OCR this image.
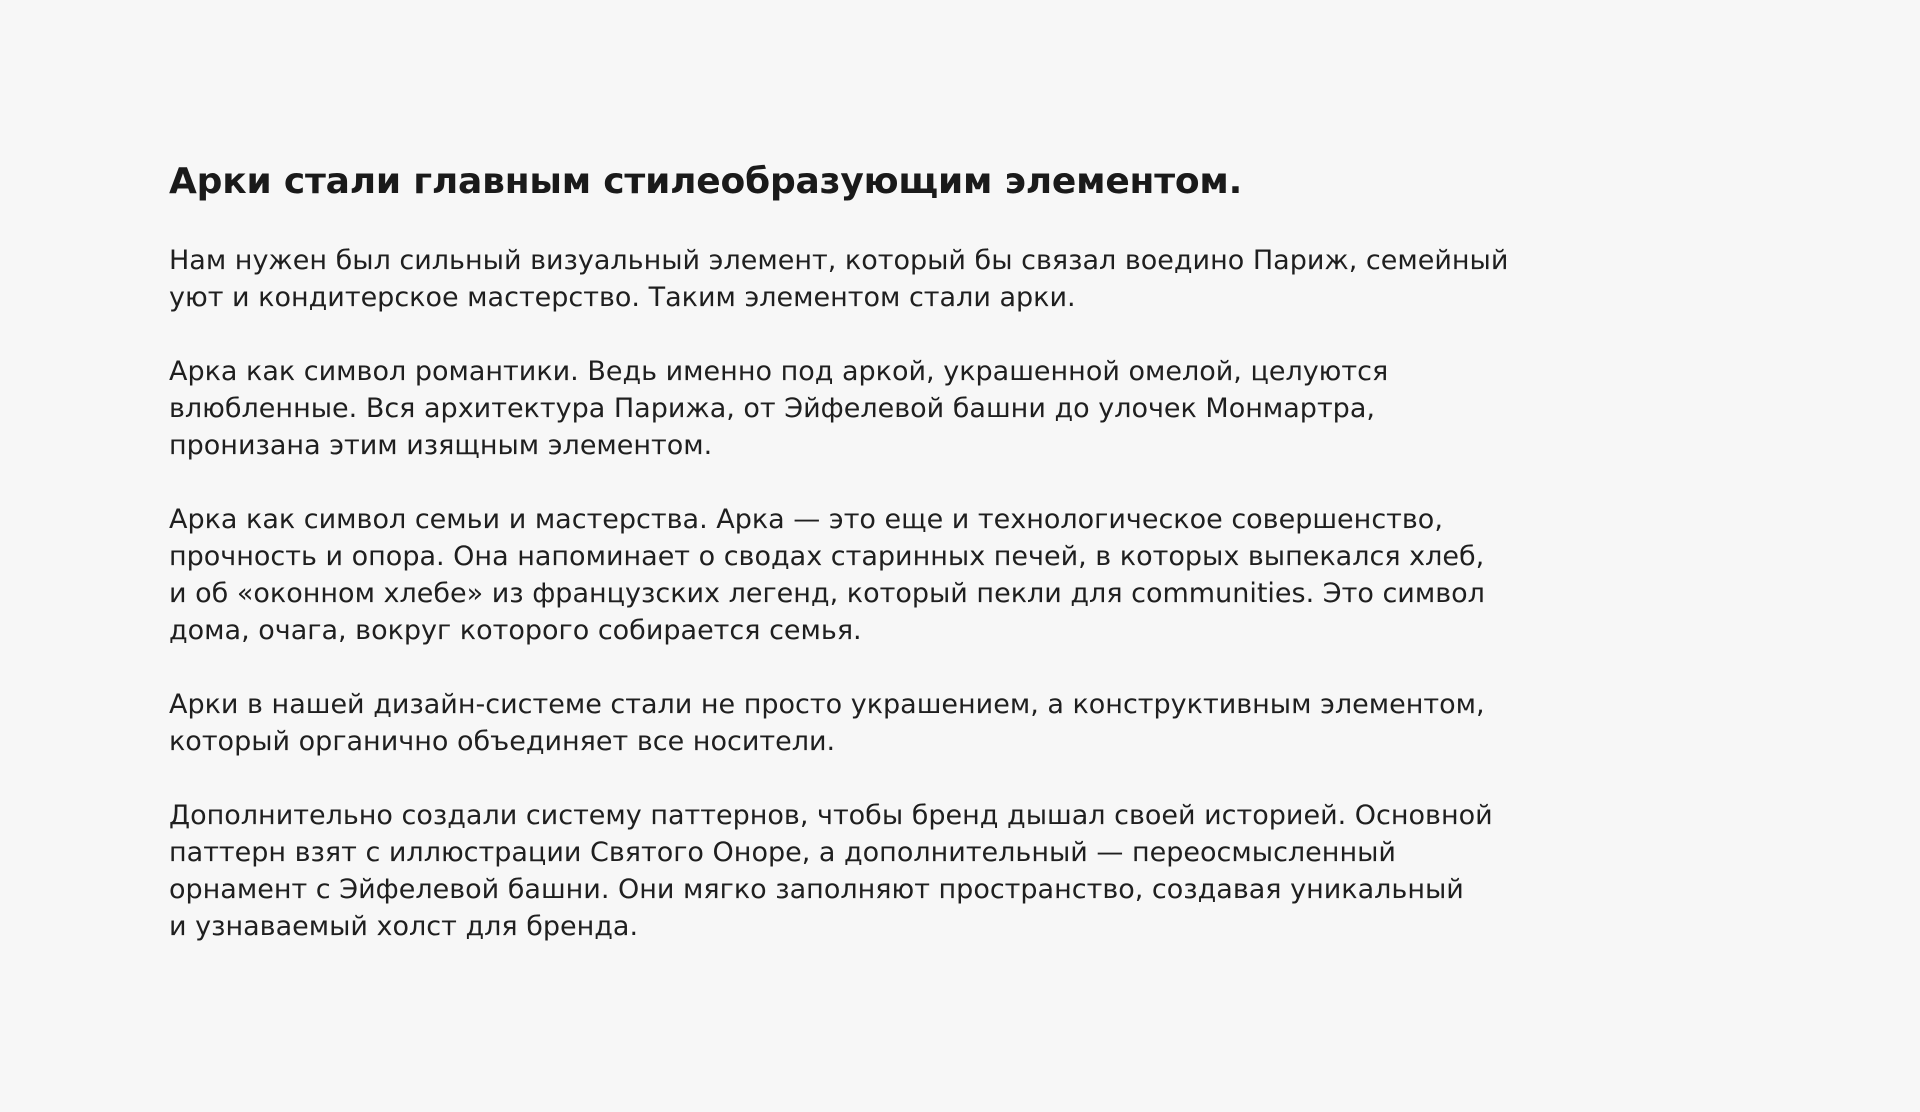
Арки стали главным стилеобразующим элементом.

Нам нужен был сильный визуальный элемент, который бы связал воедино Париж, семейный
уют и кондитерское мастерство. Таким элементом стали арки.

Арка как символ романтики. Ведь именно под аркой, украшенной омелой, целуются
влюбленные. Вся архитектура Парижа, от Эйфелевой башни до улочек Монмартра,
пронизана этим изящным элементом.

Арка как символ семьи и мастерства. Арка — это еще и технологическое совершенство,
прочность и опора. Она напоминает о сводах старинных печей, в которых выпекался хлеб,
и об «оконном хлебе» из французских легенд, который пекли для communities. Это символ
дома, очага, вокруг которого собирается семья.

Арки в нашей дизайн-системе стали не просто украшением, а конструктивным элементом,
который органично объединяет все носители.

Дополнительно создали систему паттернов, чтобы бренд дышал своей историей. Основной
паттерн взят с иллюстрации Святого Оноре, а дополнительный — переосмысленный
орнамент с Эйфелевой башни. Они мягко заполняют пространство, создавая уникальный
и узнаваемый холст для бренда.
